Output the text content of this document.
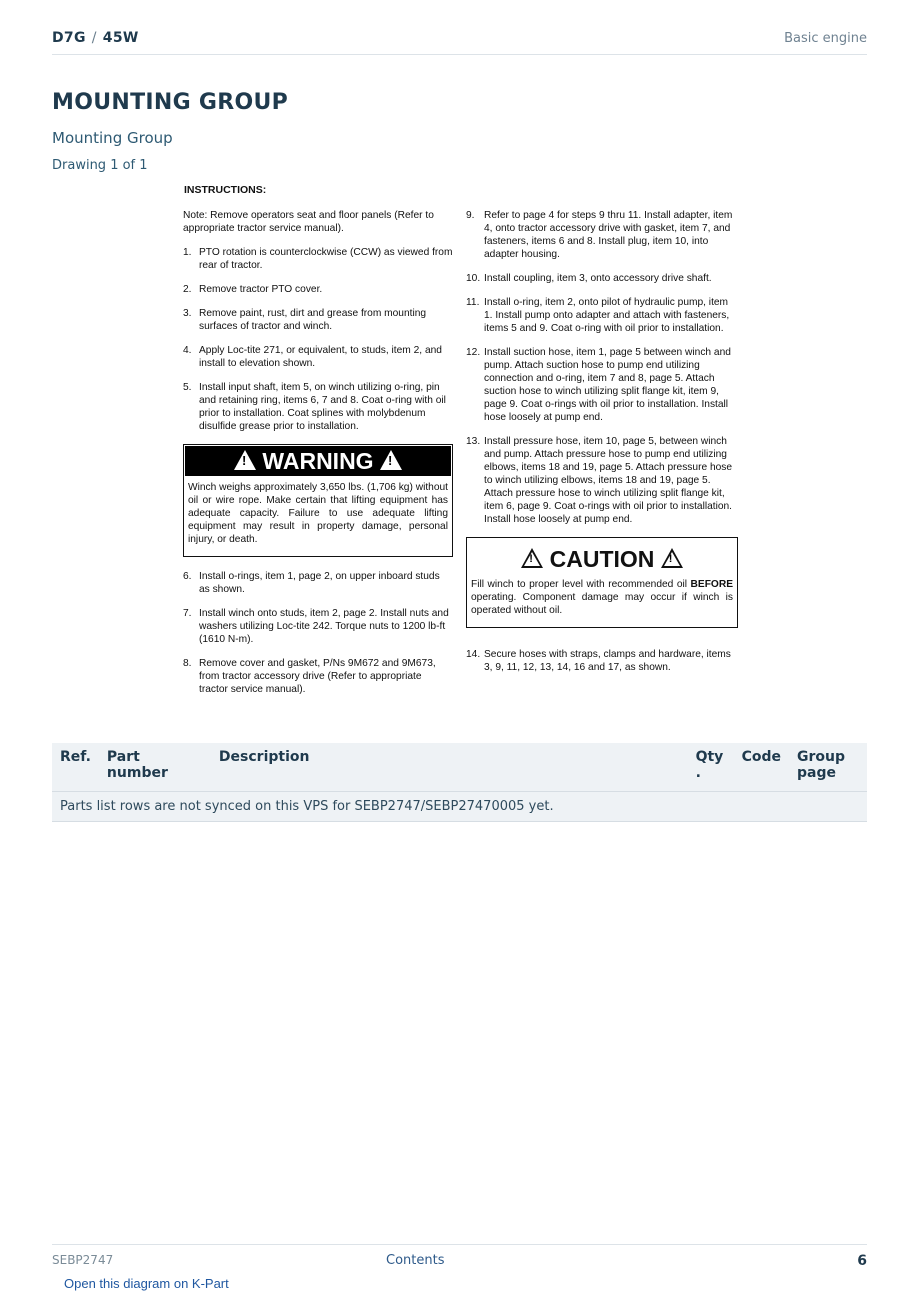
D7G / 45W	Basic engine
MOUNTING GROUP
Mounting Group
Drawing 1 of 1
INSTRUCTIONS:

Note: Remove operators seat and floor panels (Refer to appropriate tractor service manual).

1. PTO rotation is counterclockwise (CCW) as viewed from rear of tractor.
2. Remove tractor PTO cover.
3. Remove paint, rust, dirt and grease from mounting surfaces of tractor and winch.
4. Apply Loc-tite 271, or equivalent, to studs, item 2, and install to elevation shown.
5. Install input shaft, item 5, on winch utilizing o-ring, pin and retaining ring, items 6, 7 and 8. Coat o-ring with oil prior to installation. Coat splines with molybdenum disulfide grease prior to installation.
! WARNING !
Winch weighs approximately 3,650 lbs. (1,706 kg) without oil or wire rope. Make certain that lifting equipment has adequate capacity. Failure to use adequate lifting equipment may result in property damage, personal injury, or death.
6. Install o-rings, item 1, page 2, on upper inboard studs as shown.
7. Install winch onto studs, item 2, page 2. Install nuts and washers utilizing Loc-tite 242. Torque nuts to 1200 lb-ft (1610 N-m).
8. Remove cover and gasket, P/Ns 9M672 and 9M673, from tractor accessory drive (Refer to appropriate tractor service manual).
9. Refer to page 4 for steps 9 thru 11. Install adapter, item 4, onto tractor accessory drive with gasket, item 7, and fasteners, items 6 and 8. Install plug, item 10, into adapter housing.
10. Install coupling, item 3, onto accessory drive shaft.
11. Install o-ring, item 2, onto pilot of hydraulic pump, item 1. Install pump onto adapter and attach with fasteners, items 5 and 9. Coat o-ring with oil prior to installation.
12. Install suction hose, item 1, page 5 between winch and pump. Attach suction hose to pump end utilizing connection and o-ring, item 7 and 8, page 5. Attach suction hose to winch utilizing split flange kit, item 9, page 9. Coat o-rings with oil prior to installation. Install hose loosely at pump end.
13. Install pressure hose, item 10, page 5, between winch and pump. Attach pressure hose to pump end utilizing elbows, items 18 and 19, page 5. Attach pressure hose to winch utilizing elbows, items 18 and 19, page 5. Attach pressure hose to winch utilizing split flange kit, item 6, page 9. Coat o-rings with oil prior to installation. Install hose loosely at pump end.
! CAUTION !
Fill winch to proper level with recommended oil BEFORE operating. Component damage may occur if winch is operated without oil.
14. Secure hoses with straps, clamps and hardware, items 3, 9, 11, 12, 13, 14, 16 and 17, as shown.
Ref.	Part number	Description	Qty .	Code	Group page
Parts list rows are not synced on this VPS for SEBP2747/SEBP27470005 yet.
SEBP2747	Contents	6
Open this diagram on K-Part
